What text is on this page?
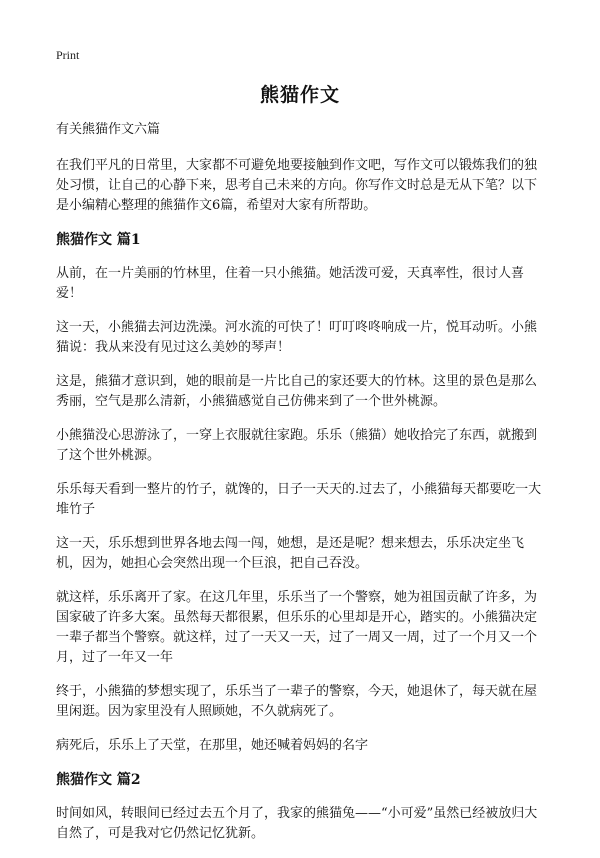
Print
熊猫作文
有关熊猫作文六篇

在我们平凡的日常里，大家都不可避免地要接触到作文吧，写作文可以锻炼我们的独处习惯，让自己的心静下来，思考自己未来的方向。你写作文时总是无从下笔？以下是小编精心整理的熊猫作文6篇，希望对大家有所帮助。

熊猫作文 篇1

从前，在一片美丽的竹林里，住着一只小熊猫。她活泼可爱，天真率性，很讨人喜爱！

这一天，小熊猫去河边洗澡。河水流的可快了！叮叮咚咚响成一片，悦耳动听。小熊猫说：我从来没有见过这么美妙的琴声！

这是，熊猫才意识到，她的眼前是一片比自己的家还要大的竹林。这里的景色是那么秀丽，空气是那么清新，小熊猫感觉自己仿佛来到了一个世外桃源。

小熊猫没心思游泳了，一穿上衣服就往家跑。乐乐（熊猫）她收拾完了东西，就搬到了这个世外桃源。

乐乐每天看到一整片的竹子，就馋的，日子一天天的.过去了，小熊猫每天都要吃一大堆竹子

这一天，乐乐想到世界各地去闯一闯，她想，是还是呢？想来想去，乐乐决定坐飞机，因为，她担心会突然出现一个巨浪，把自己吞没。

就这样，乐乐离开了家。在这几年里，乐乐当了一个警察，她为祖国贡献了许多，为国家破了许多大案。虽然每天都很累，但乐乐的心里却是开心，踏实的。小熊猫决定一辈子都当个警察。就这样，过了一天又一天，过了一周又一周，过了一个月又一个月，过了一年又一年

终于，小熊猫的梦想实现了，乐乐当了一辈子的警察，今天，她退休了，每天就在屋里闲逛。因为家里没有人照顾她，不久就病死了。

病死后，乐乐上了天堂，在那里，她还喊着妈妈的名字

熊猫作文 篇2

时间如风，转眼间已经过去五个月了，我家的熊猫兔——“小可爱”虽然已经被放归大自然了，可是我对它仍然记忆犹新。
